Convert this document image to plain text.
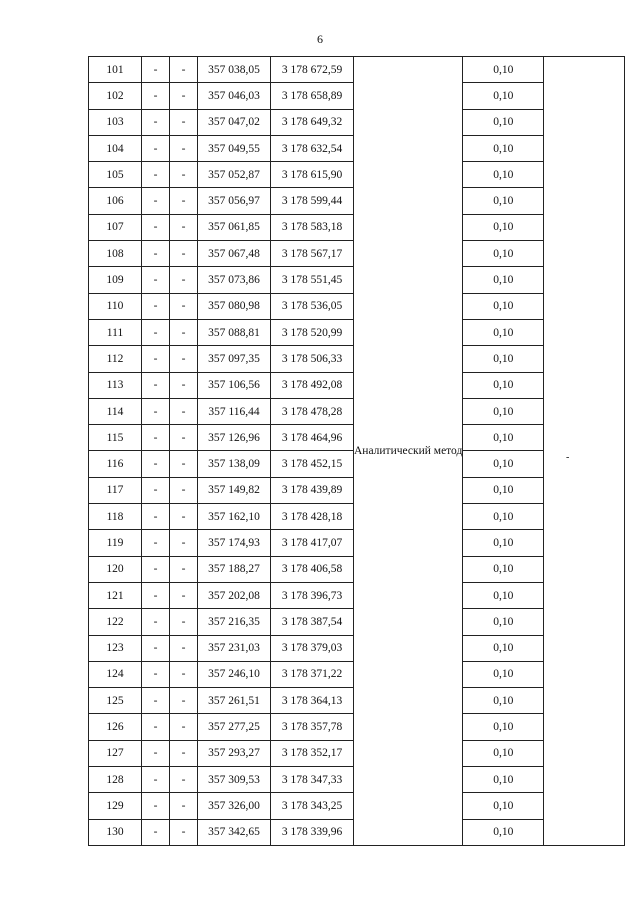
6
101	-	-	357 038,05	3 178 672,59	Аналитический метод	0,10	
102	-	-	357 046,03	3 178 658,89		0,10	
103	-	-	357 047,02	3 178 649,32		0,10	
104	-	-	357 049,55	3 178 632,54		0,10	
105	-	-	357 052,87	3 178 615,90		0,10	
106	-	-	357 056,97	3 178 599,44		0,10	
107	-	-	357 061,85	3 178 583,18		0,10	
108	-	-	357 067,48	3 178 567,17		0,10	
109	-	-	357 073,86	3 178 551,45		0,10	
110	-	-	357 080,98	3 178 536,05		0,10	
111	-	-	357 088,81	3 178 520,99		0,10	
112	-	-	357 097,35	3 178 506,33		0,10	
113	-	-	357 106,56	3 178 492,08		0,10	
114	-	-	357 116,44	3 178 478,28		0,10	
115	-	-	357 126,96	3 178 464,96		0,10	
116	-	-	357 138,09	3 178 452,15		0,10	
117	-	-	357 149,82	3 178 439,89		0,10	
118	-	-	357 162,10	3 178 428,18		0,10	
119	-	-	357 174,93	3 178 417,07		0,10	
120	-	-	357 188,27	3 178 406,58		0,10	
121	-	-	357 202,08	3 178 396,73		0,10	
122	-	-	357 216,35	3 178 387,54		0,10	
123	-	-	357 231,03	3 178 379,03		0,10	
124	-	-	357 246,10	3 178 371,22		0,10	
125	-	-	357 261,51	3 178 364,13		0,10	
126	-	-	357 277,25	3 178 357,78		0,10	
127	-	-	357 293,27	3 178 352,17		0,10	
128	-	-	357 309,53	3 178 347,33		0,10	
129	-	-	357 326,00	3 178 343,25		0,10	
130	-	-	357 342,65	3 178 339,96		0,10	
-
